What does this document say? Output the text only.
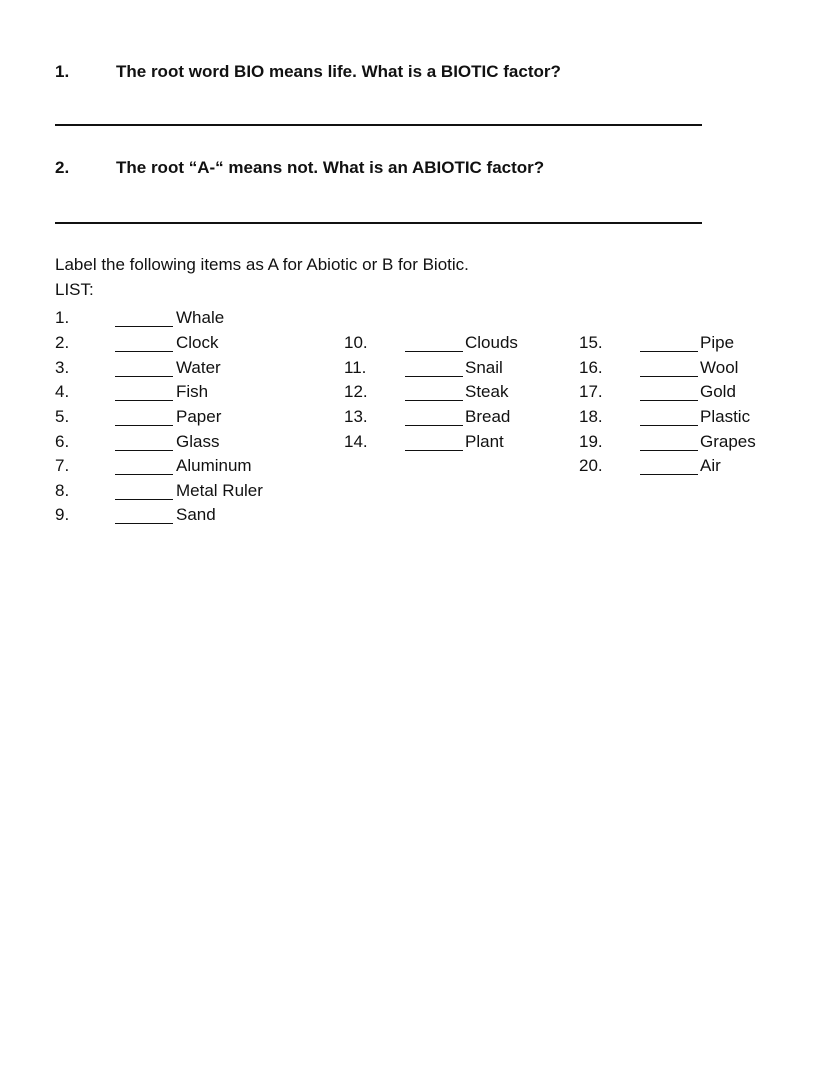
1.	The root word BIO means life. What is a BIOTIC factor?
2.	The root “A-“ means not. What is an ABIOTIC factor?
Label the following items as A for Abiotic or B for Biotic.
LIST:
1.	Whale
2.	Clock
3.	Water
4.	Fish
5.	Paper
6.	Glass
7.	Aluminum
8.	Metal Ruler
9.	Sand
10.	Clouds
11.	Snail
12.	Steak
13.	Bread
14.	Plant
15.	Pipe
16.	Wool
17.	Gold
18.	Plastic
19.	Grapes
20.	Air
